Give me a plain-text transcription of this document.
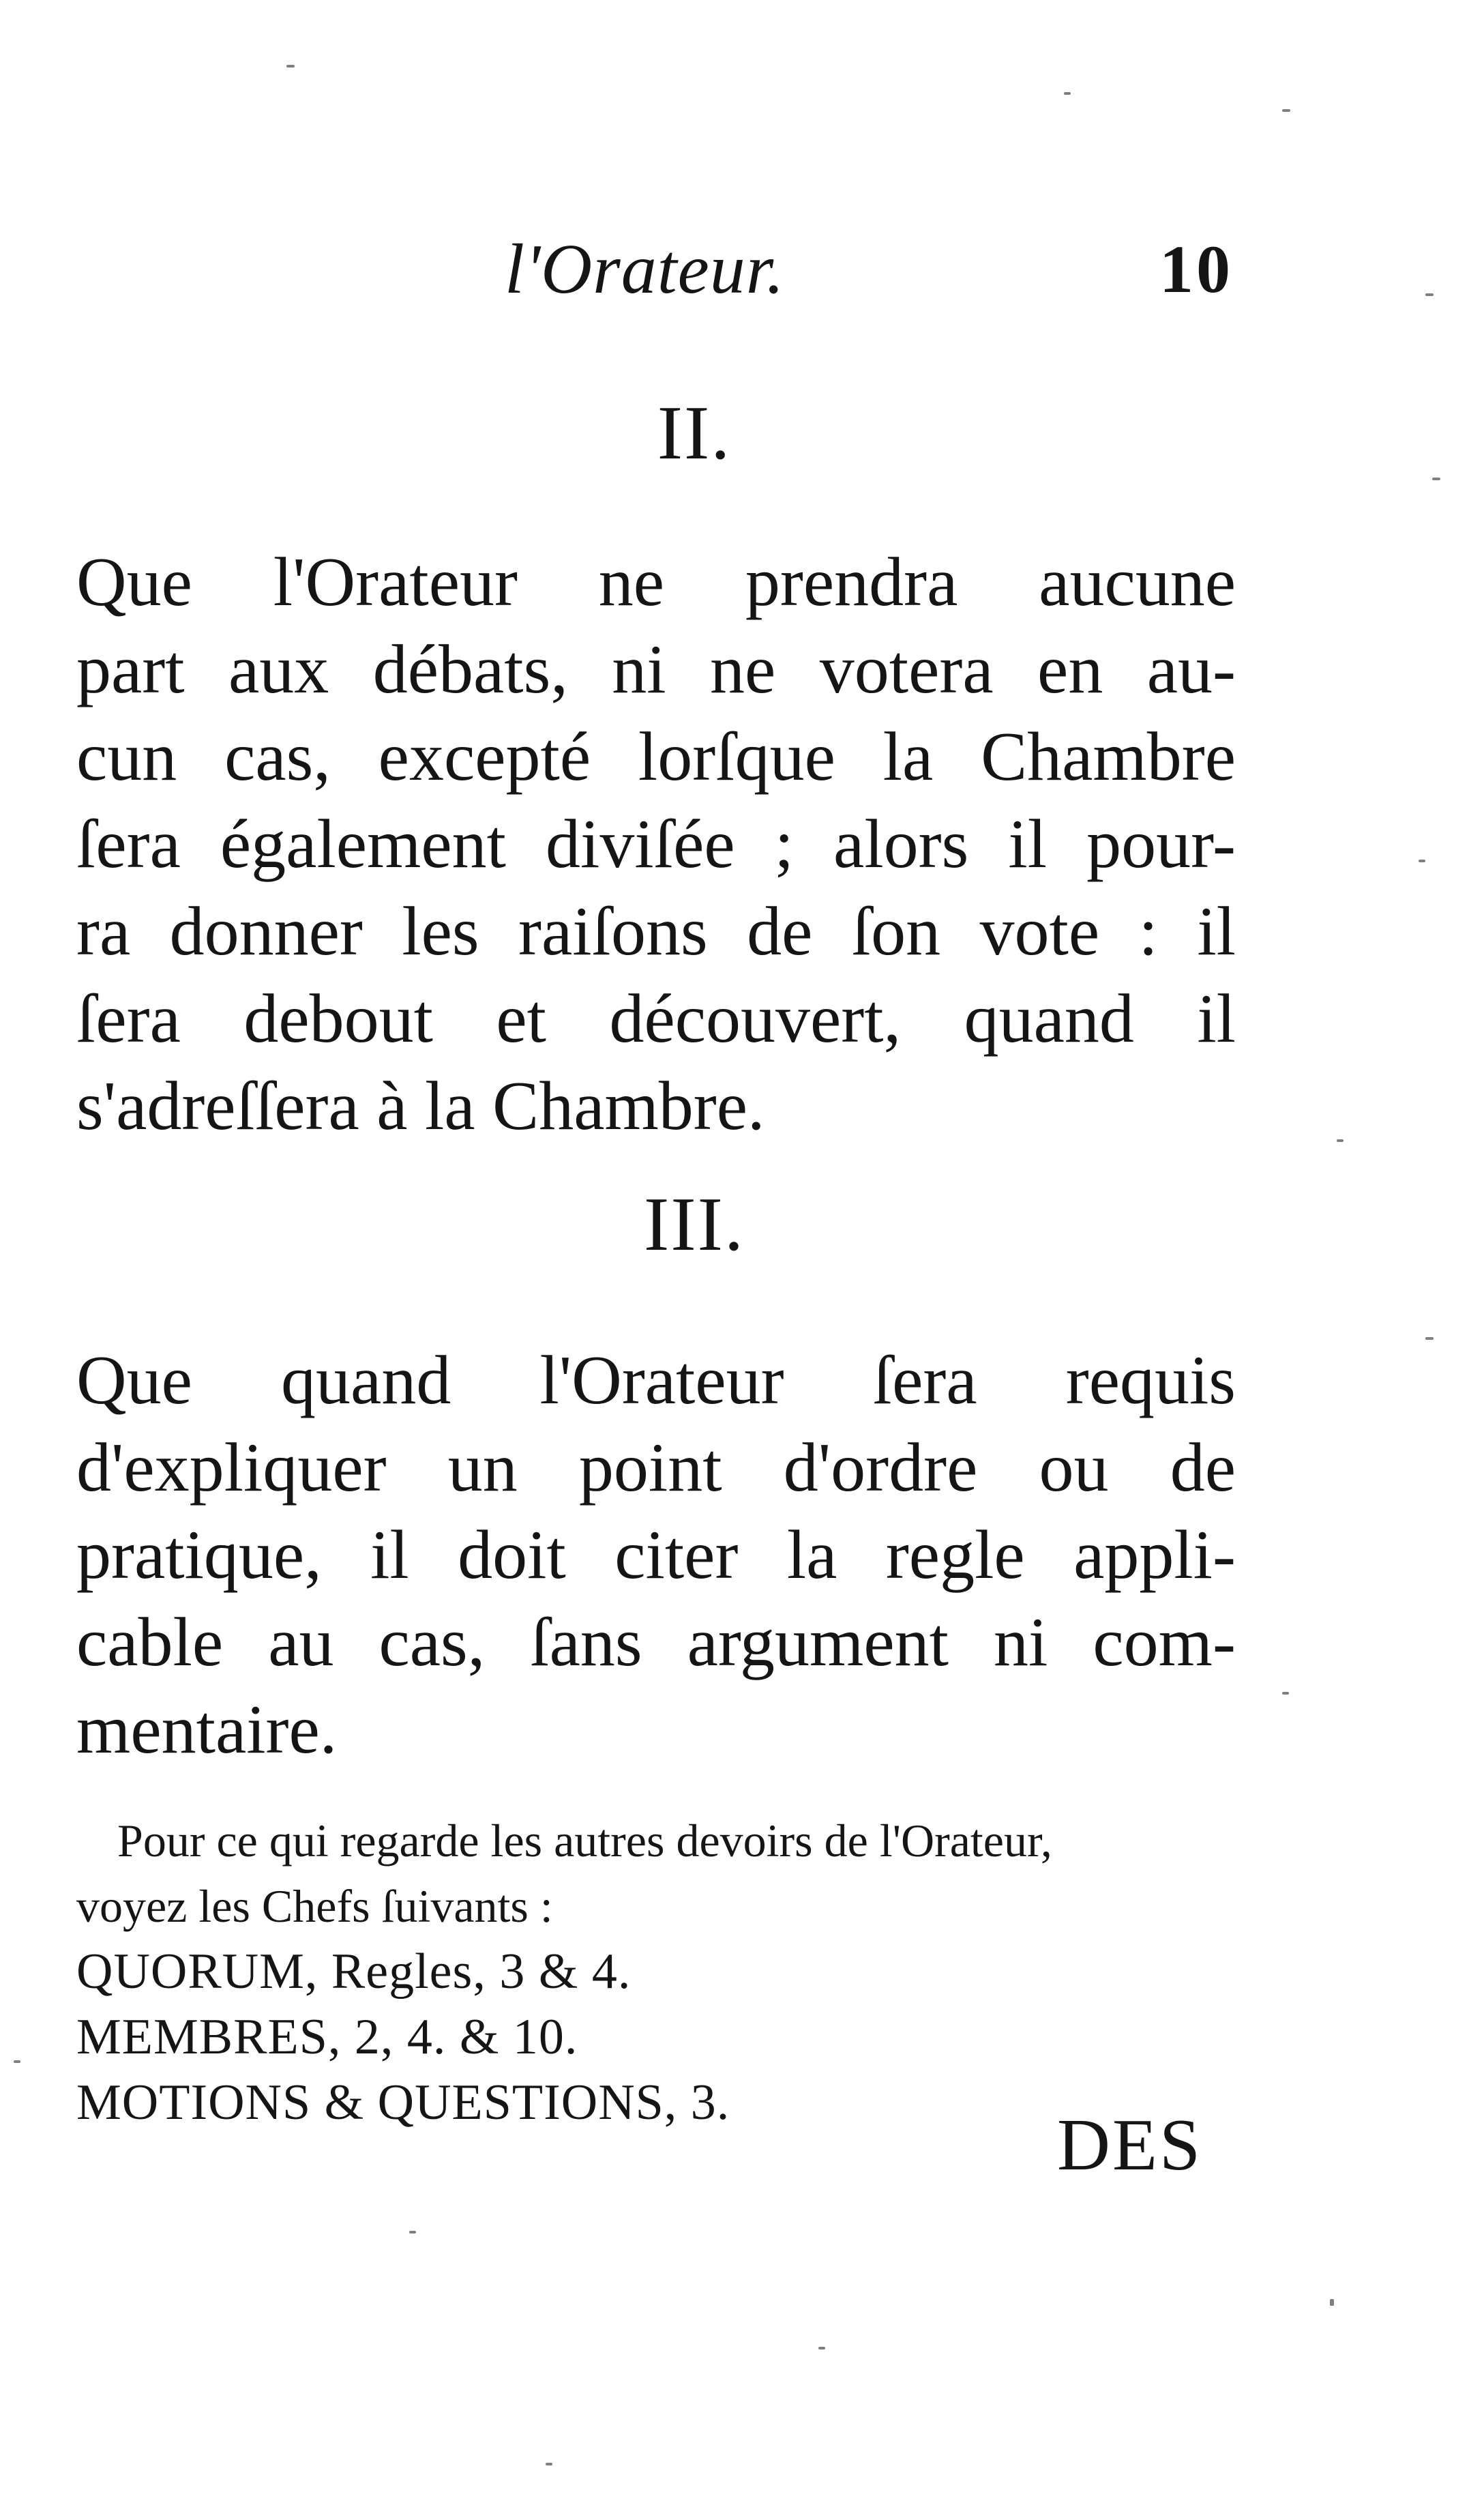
l'Orateur.	10
II.
Que l'Orateur ne prendra aucune
part aux débats, ni ne votera en au-
cun cas, excepté lorſque la Chambre
ſera également diviſée ; alors il pour-
ra donner les raiſons de ſon vote : il
ſera debout et découvert, quand il
s'adreſſera à la Chambre.
III.
Que quand l'Orateur ſera requis
d'expliquer un point d'ordre ou de
pratique, il doit citer la regle appli-
cable au cas, ſans argument ni com-
mentaire.
Pour ce qui regarde les autres devoirs de l'Orateur,
voyez les Chefs ſuivants :
QUORUM, Regles, 3 & 4.
MEMBRES, 2, 4. & 10.
MOTIONS & QUESTIONS, 3.
DES
